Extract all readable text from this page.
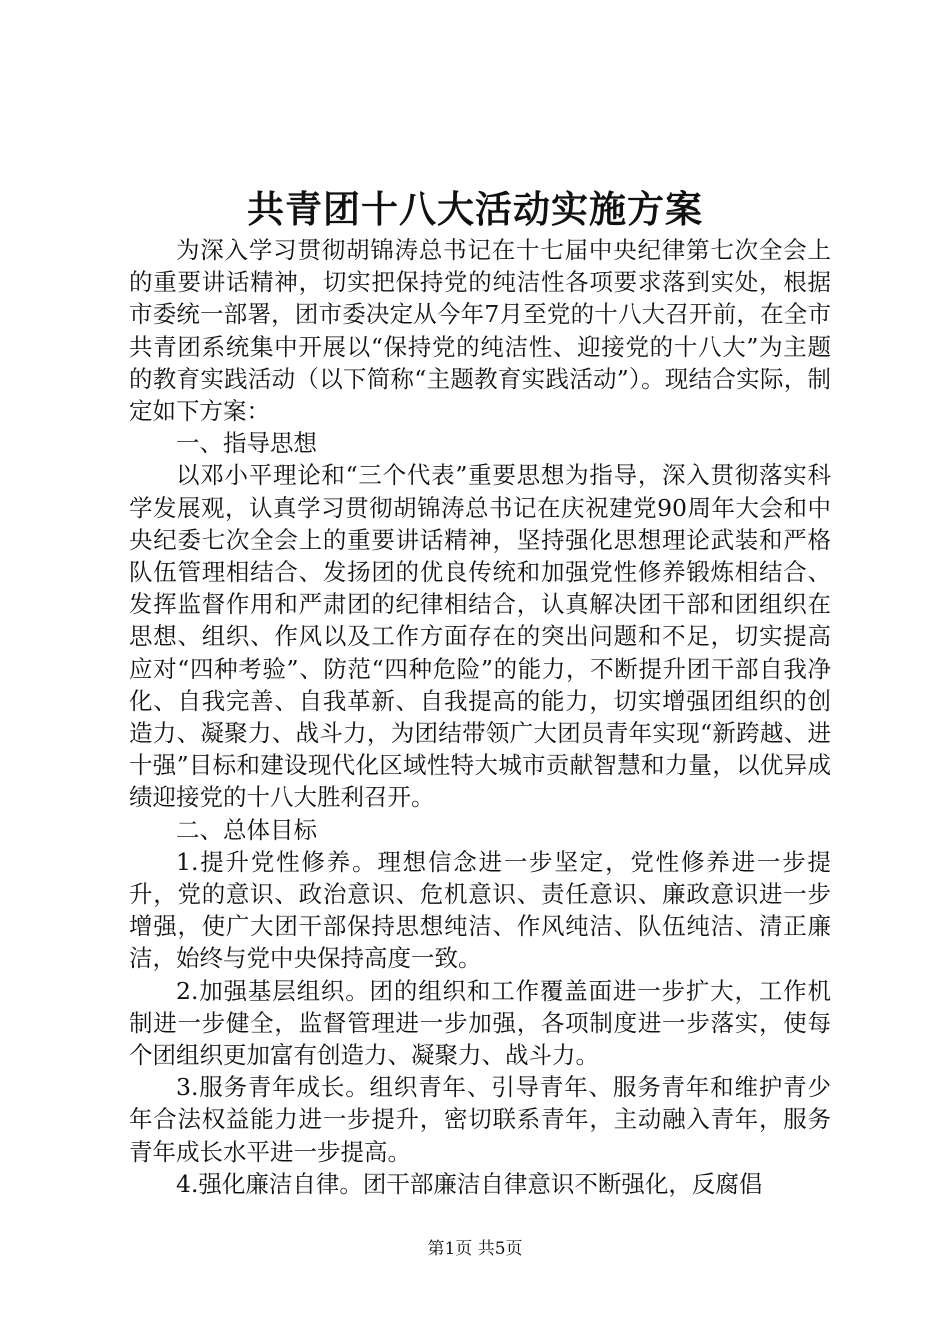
共青团十八大活动实施方案

为深入学习贯彻胡锦涛总书记在十七届中央纪律第七次全会上的重要讲话精神，切实把保持党的纯洁性各项要求落到实处，根据市委统一部署，团市委决定从今年7月至党的十八大召开前，在全市共青团系统集中开展以“保持党的纯洁性、迎接党的十八大”为主题的教育实践活动（以下简称“主题教育实践活动”）。现结合实际，制定如下方案：

一、指导思想

以邓小平理论和“三个代表”重要思想为指导，深入贯彻落实科学发展观，认真学习贯彻胡锦涛总书记在庆祝建党90周年大会和中央纪委七次全会上的重要讲话精神，坚持强化思想理论武装和严格队伍管理相结合、发扬团的优良传统和加强党性修养锻炼相结合、发挥监督作用和严肃团的纪律相结合，认真解决团干部和团组织在思想、组织、作风以及工作方面存在的突出问题和不足，切实提高应对“四种考验”、防范“四种危险”的能力，不断提升团干部自我净化、自我完善、自我革新、自我提高的能力，切实增强团组织的创造力、凝聚力、战斗力，为团结带领广大团员青年实现“新跨越、进十强”目标和建设现代化区域性特大城市贡献智慧和力量，以优异成绩迎接党的十八大胜利召开。

二、总体目标

1.提升党性修养。理想信念进一步坚定，党性修养进一步提升，党的意识、政治意识、危机意识、责任意识、廉政意识进一步增强，使广大团干部保持思想纯洁、作风纯洁、队伍纯洁、清正廉洁，始终与党中央保持高度一致。

2.加强基层组织。团的组织和工作覆盖面进一步扩大，工作机制进一步健全，监督管理进一步加强，各项制度进一步落实，使每个团组织更加富有创造力、凝聚力、战斗力。

3.服务青年成长。组织青年、引导青年、服务青年和维护青少年合法权益能力进一步提升，密切联系青年，主动融入青年，服务青年成长水平进一步提高。

4.强化廉洁自律。团干部廉洁自律意识不断强化，反腐倡

第1页 共5页
